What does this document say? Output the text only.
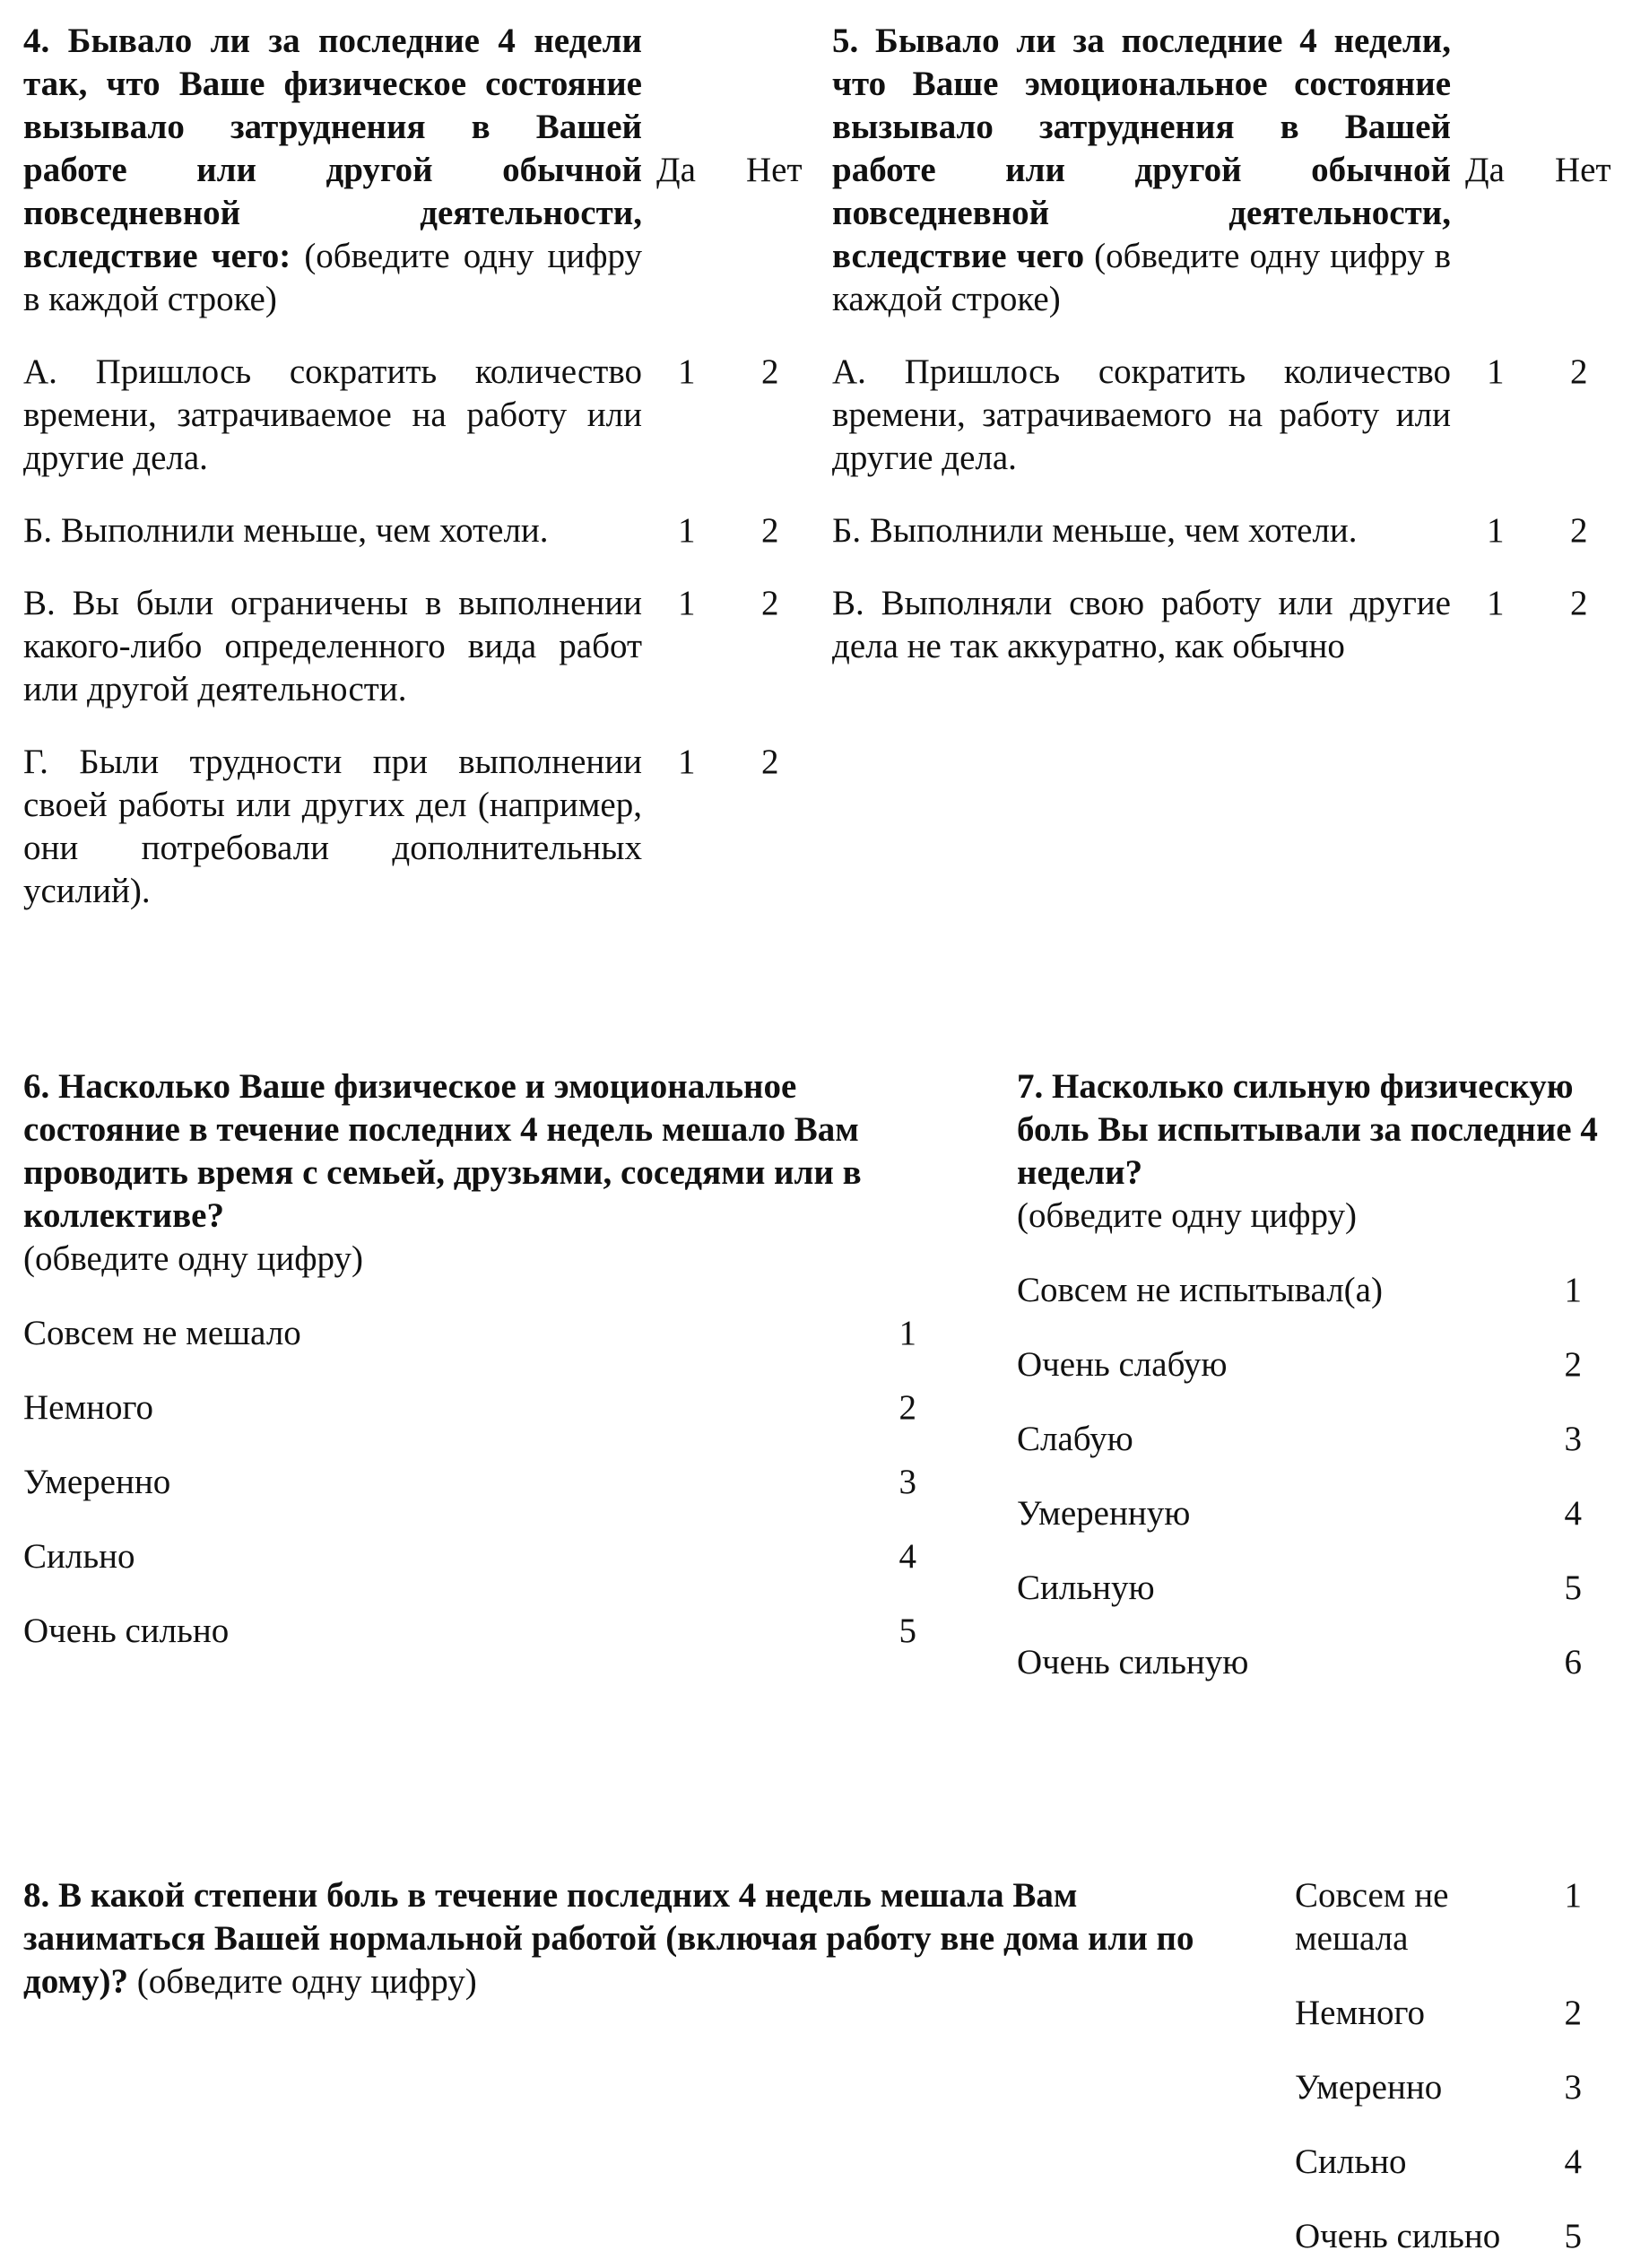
4. Бывало ли за последние 4 недели так, что Ваше физическое состояние вызывало затруднения в Вашей работе или другой обычной повседневной деятельности, вследствие чего: (обведите одну цифру в каждой строке)
Да	Нет
А. Пришлось сократить количество времени, затрачиваемое на работу или другие дела.
1	2
Б. Выполнили меньше, чем хотели.	1	2
В. Вы были ограничены в выполнении какого-либо определенного вида работ или другой деятельности.
1	2
Г. Были трудности при выполнении своей работы или других дел (например, они потребовали дополнительных усилий).
1	2
5. Бывало ли за последние 4 недели, что Ваше эмоциональное состояние вызывало затруднения в Вашей работе или другой обычной повседневной деятельности, вследствие чего (обведите одну цифру в каждой строке)
Да	Нет
А. Пришлось сократить количество времени, затрачиваемого на работу или другие дела.
1	2
Б. Выполнили меньше, чем хотели.	1	2
В. Выполняли свою работу или другие дела не так аккуратно, как обычно
1	2
6. Насколько Ваше физическое и эмоциональное состояние в течение последних 4 недель мешало Вам проводить время с семьей, друзьями, соседями или в коллективе?
(обведите одну цифру)
Совсем не мешало	1
Немного	2
Умеренно	3
Сильно	4
Очень сильно	5
7. Насколько сильную физическую боль Вы испытывали за последние 4 недели?
(обведите одну цифру)
Совсем не испытывал(а)	1
Очень слабую	2
Слабую	3
Умеренную	4
Сильную	5
Очень сильную	6
8. В какой степени боль в течение последних 4 недель мешала Вам заниматься Вашей нормальной работой (включая работу вне дома или по дому)? (обведите одну цифру)
Совсем не мешала
1
Немного	2
Умеренно	3
Сильно	4
Очень сильно	5
